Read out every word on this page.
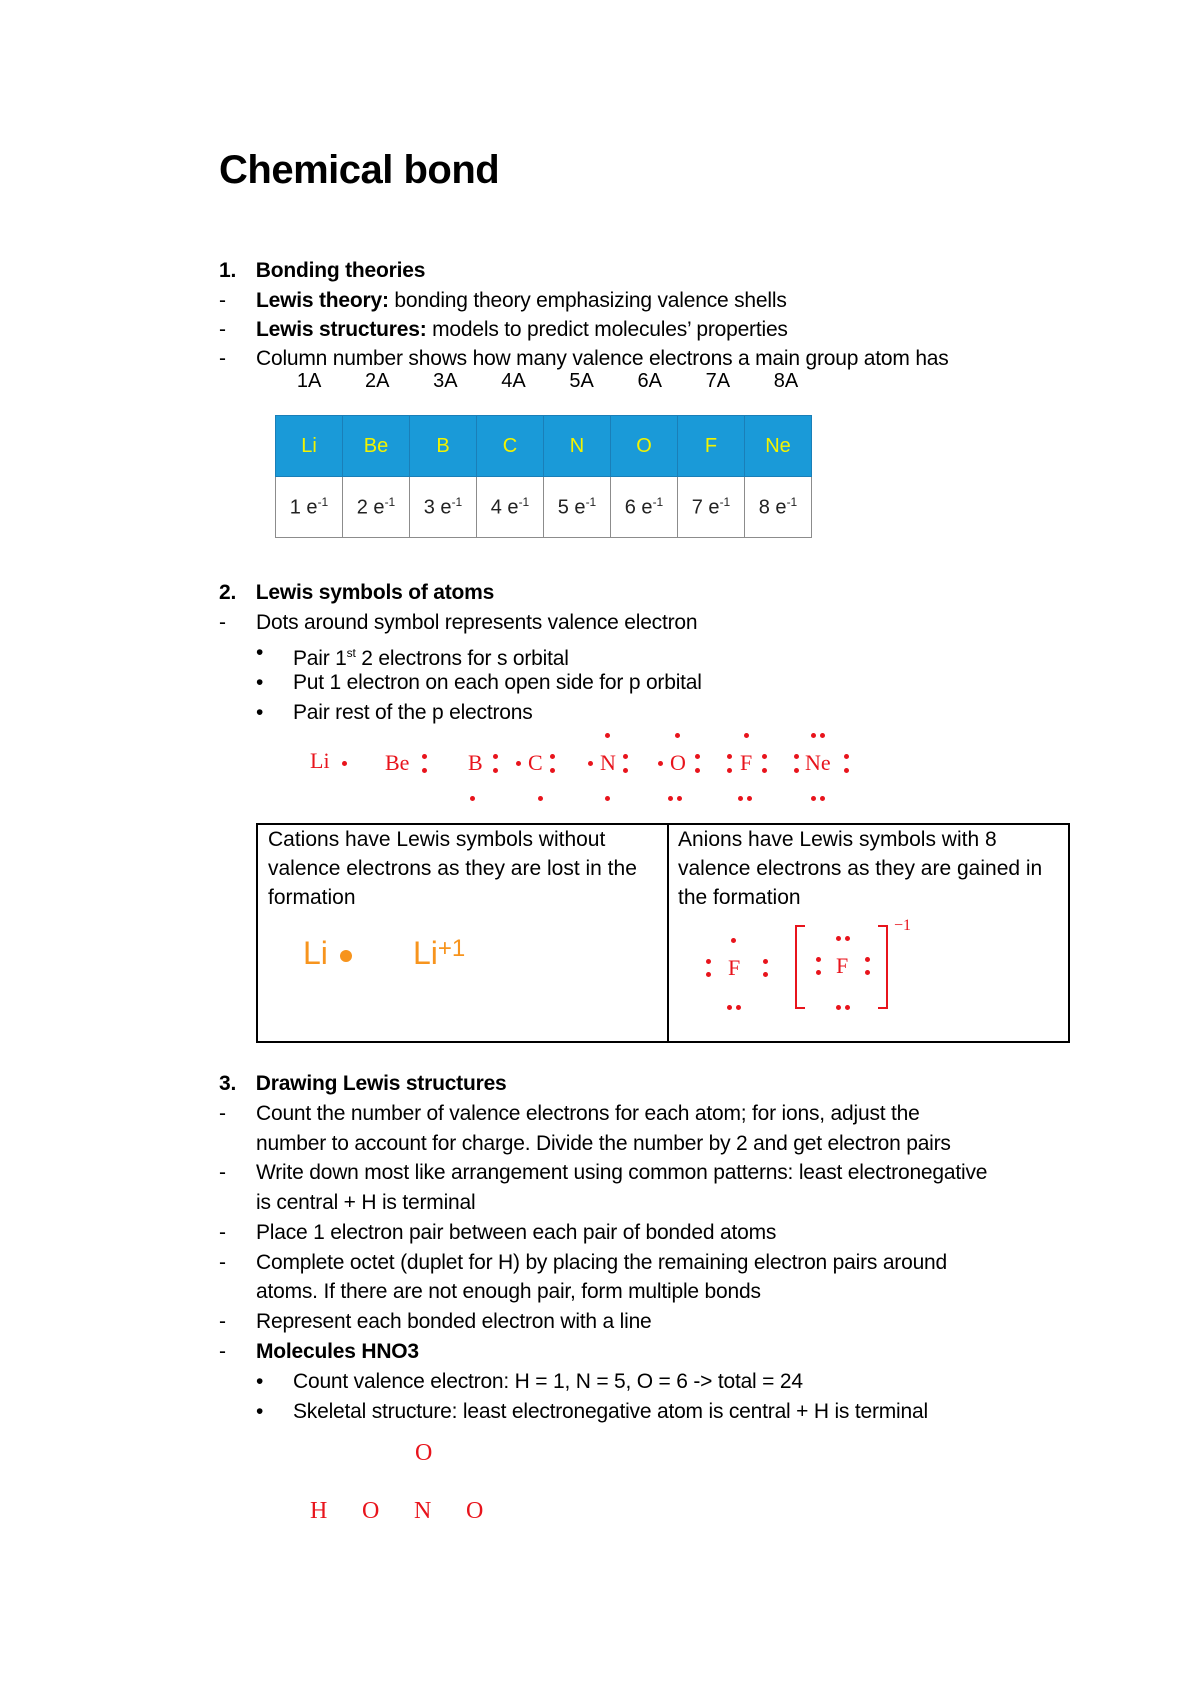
Chemical bond
1. Bonding theories
- Lewis theory: bonding theory emphasizing valence shells
- Lewis structures: models to predict molecules’ properties
- Column number shows how many valence electrons a main group atom has
1A 2A 3A 4A 5A 6A 7A 8A
Li	Be	B	C	N	O	F	Ne
1 $e^{-1}$	2 $e^{-1}$	3 $e^{-1}$	4 $e^{-1}$	5 $e^{-1}$	6 $e^{-1}$	7 $e^{-1}$	8 $e^{-1}$
2. Lewis symbols of atoms
- Dots around symbol represents valence electron
• Pair 1st 2 electrons for s orbital
• Put 1 electron on each open side for p orbital
• Pair rest of the p electrons
Li	Be	B C	N O F Ne
Cations have Lewis symbols without valence electrons as they are lost in the formation
Li	$Li^{+1}$
Anions have Lewis symbols with 8 valence electrons as they are gained in the formation
F	F
−1
3. Drawing Lewis structures
- Count the number of valence electrons for each atom; for ions, adjust the
number to account for charge. Divide the number by 2 and get electron pairs
- Write down most like arrangement using common patterns: least electronegative
is central + H is terminal
- Place 1 electron pair between each pair of bonded atoms
- Complete octet (duplet for H) by placing the remaining electron pairs around
atoms. If there are not enough pair, form multiple bonds
- Represent each bonded electron with a line
- Molecules HNO3
• Count valence electron: H = 1, N = 5, O = 6 -> total = 24
• Skeletal structure: least electronegative atom is central + H is terminal
O
H O N O
